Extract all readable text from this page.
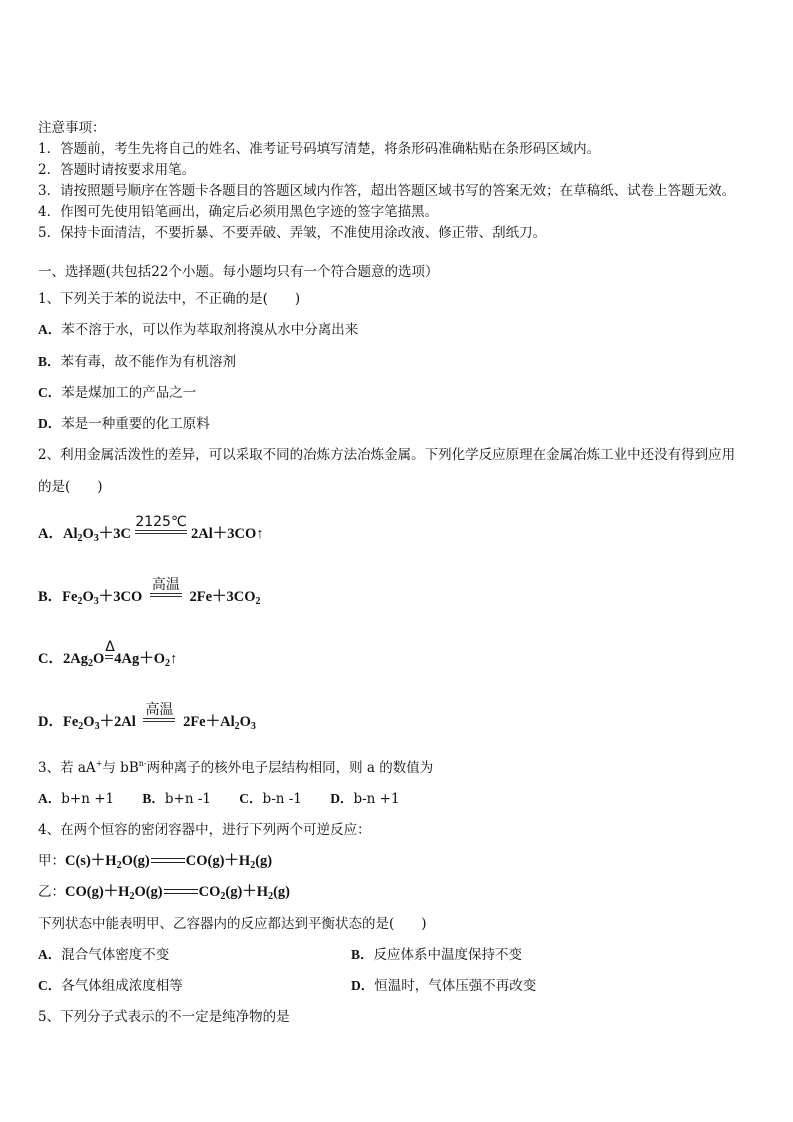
注意事项：
1．答题前，考生先将自己的姓名、准考证号码填写清楚，将条形码准确粘贴在条形码区域内。
2．答题时请按要求用笔。
3．请按照题号顺序在答题卡各题目的答题区域内作答，超出答题区域书写的答案无效；在草稿纸、试卷上答题无效。
4．作图可先使用铅笔画出，确定后必须用黑色字迹的签字笔描黑。
5．保持卡面清洁，不要折暴、不要弄破、弄皱，不准使用涂改液、修正带、刮纸刀。
一、选择题(共包括22个小题。每小题均只有一个符合题意的选项）
1、下列关于苯的说法中，不正确的是(　　)
A．苯不溶于水，可以作为萃取剂将溴从水中分离出来
B．苯有毒，故不能作为有机溶剂
C．苯是煤加工的产品之一
D．苯是一种重要的化工原料
2、利用金属活泼性的差异，可以采取不同的冶炼方法冶炼金属。下列化学反应原理在金属冶炼工业中还没有得到应用
的是(　　)
A．$Al_2O_3+3C$
2125℃
2Al＋3CO↑
B．$Fe_2O_3+3CO$
高温
$2Fe+3CO_2$
C．$2Ag_2O$
Δ
$4Ag+O_2↑$
D．$Fe_2O_3+2Al$
高温
$2Fe+Al_2O_3$
3、若 aA+与 $bB^{n-}$两种离子的核外电子层结构相同，则 a 的数值为
A．b+n +1 B．b+n -1 C．b-n -1 D．b-n +1
4、在两个恒容的密闭容器中，进行下列两个可逆反应：
甲：$C(s)+H_2O(g)$ $CO(g)+H_2(g)$
乙：$CO(g)+H_2O(g)$ $CO_2(g)+H_2(g)$
下列状态中能表明甲、乙容器内的反应都达到平衡状态的是(　　)
A．混合气体密度不变	B．反应体系中温度保持不变
C．各气体组成浓度相等	D．恒温时，气体压强不再改变
5、下列分子式表示的不一定是纯净物的是
